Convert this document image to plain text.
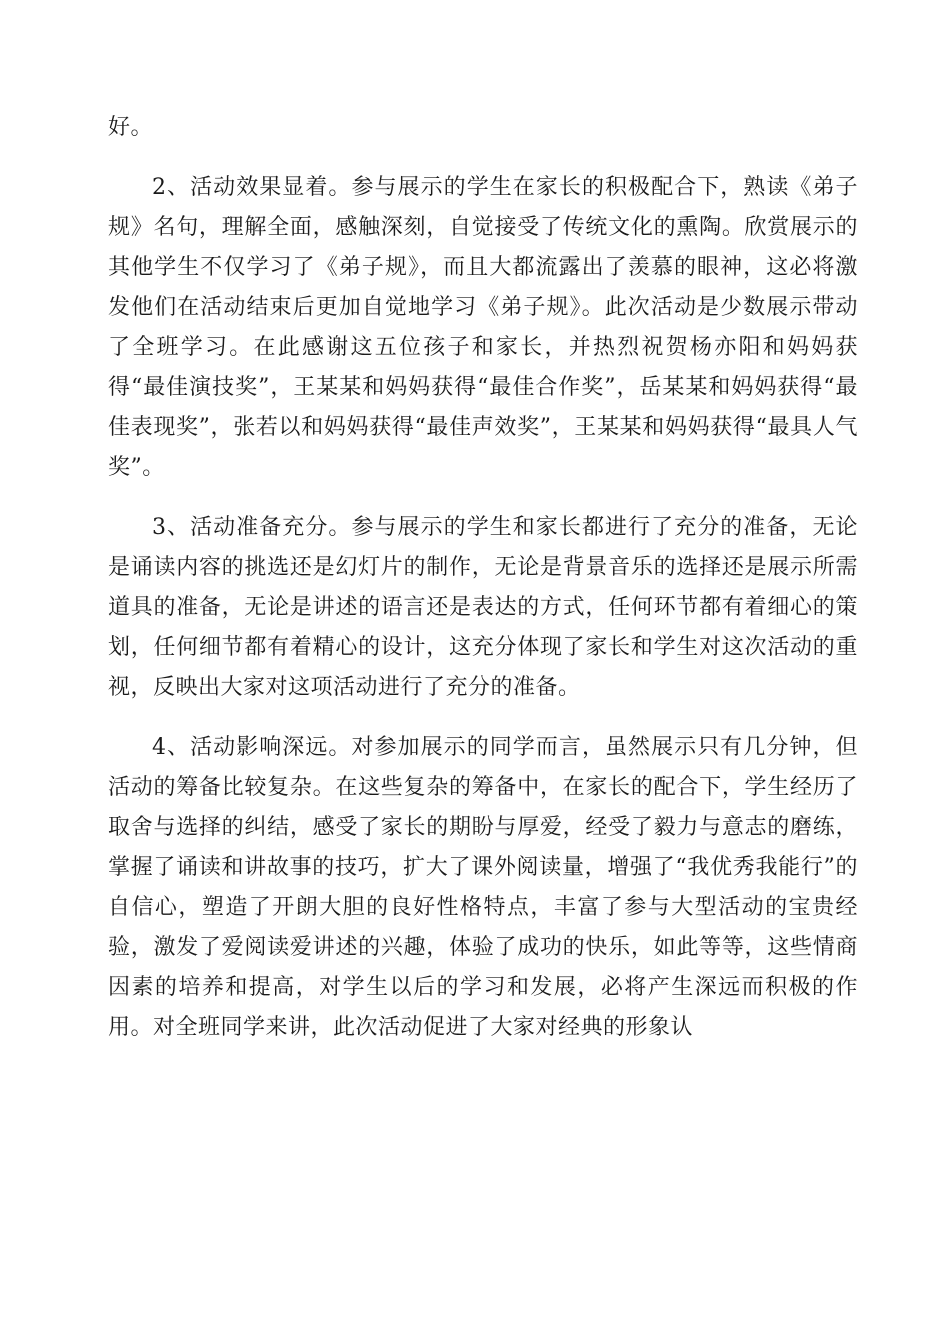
好。

2、活动效果显着。参与展示的学生在家长的积极配合下，熟读《弟子规》名句，理解全面，感触深刻，自觉接受了传统文化的熏陶。欣赏展示的其他学生不仅学习了《弟子规》，而且大都流露出了羡慕的眼神，这必将激发他们在活动结束后更加自觉地学习《弟子规》。此次活动是少数展示带动了全班学习。在此感谢这五位孩子和家长，并热烈祝贺杨亦阳和妈妈获得“最佳演技奖”，王某某和妈妈获得“最佳合作奖”，岳某某和妈妈获得“最佳表现奖”，张若以和妈妈获得“最佳声效奖”，王某某和妈妈获得“最具人气奖”。

3、活动准备充分。参与展示的学生和家长都进行了充分的准备，无论是诵读内容的挑选还是幻灯片的制作，无论是背景音乐的选择还是展示所需道具的准备，无论是讲述的语言还是表达的方式，任何环节都有着细心的策划，任何细节都有着精心的设计，这充分体现了家长和学生对这次活动的重视，反映出大家对这项活动进行了充分的准备。

4、活动影响深远。对参加展示的同学而言，虽然展示只有几分钟，但活动的筹备比较复杂。在这些复杂的筹备中，在家长的配合下，学生经历了取舍与选择的纠结，感受了家长的期盼与厚爱，经受了毅力与意志的磨练，掌握了诵读和讲故事的技巧，扩大了课外阅读量，增强了“我优秀我能行”的自信心，塑造了开朗大胆的良好性格特点，丰富了参与大型活动的宝贵经验，激发了爱阅读爱讲述的兴趣，体验了成功的快乐，如此等等，这些情商因素的培养和提高，对学生以后的学习和发展，必将产生深远而积极的作用。对全班同学来讲，此次活动促进了大家对经典的形象认
